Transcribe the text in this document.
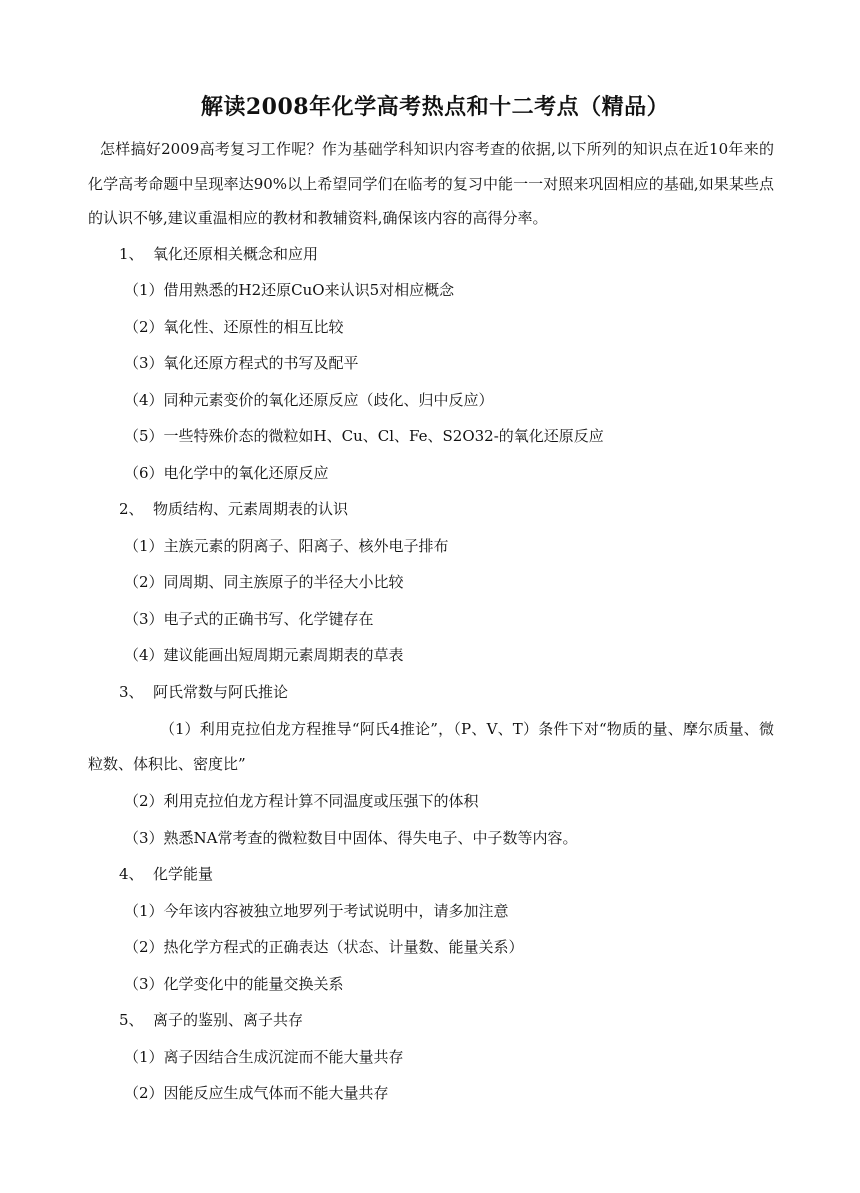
解读2008年化学高考热点和十二考点（精品）

怎样搞好2009高考复习工作呢？作为基础学科知识内容考查的依据,以下所列的知识点在近10年来的化学高考命题中呈现率达90%以上希望同学们在临考的复习中能一一对照来巩固相应的基础,如果某些点的认识不够,建议重温相应的教材和教辅资料,确保该内容的高得分率。

1、 氧化还原相关概念和应用
（1）借用熟悉的H2还原CuO来认识5对相应概念
（2）氧化性、还原性的相互比较
（3）氧化还原方程式的书写及配平
（4）同种元素变价的氧化还原反应（歧化、归中反应）
（5）一些特殊价态的微粒如H、Cu、Cl、Fe、S2O32-的氧化还原反应
（6）电化学中的氧化还原反应
2、 物质结构、元素周期表的认识
（1）主族元素的阴离子、阳离子、核外电子排布
（2）同周期、同主族原子的半径大小比较
（3）电子式的正确书写、化学键存在
（4）建议能画出短周期元素周期表的草表
3、 阿氏常数与阿氏推论

（1）利用克拉伯龙方程推导“阿氏4推论”，（P、V、T）条件下对“物质的量、摩尔质量、微粒数、体积比、密度比”

（2）利用克拉伯龙方程计算不同温度或压强下的体积
（3）熟悉NA常考查的微粒数目中固体、得失电子、中子数等内容。
4、 化学能量
（1）今年该内容被独立地罗列于考试说明中，请多加注意
（2）热化学方程式的正确表达（状态、计量数、能量关系）
（3）化学变化中的能量交换关系
5、 离子的鉴别、离子共存
（1）离子因结合生成沉淀而不能大量共存
（2）因能反应生成气体而不能大量共存
